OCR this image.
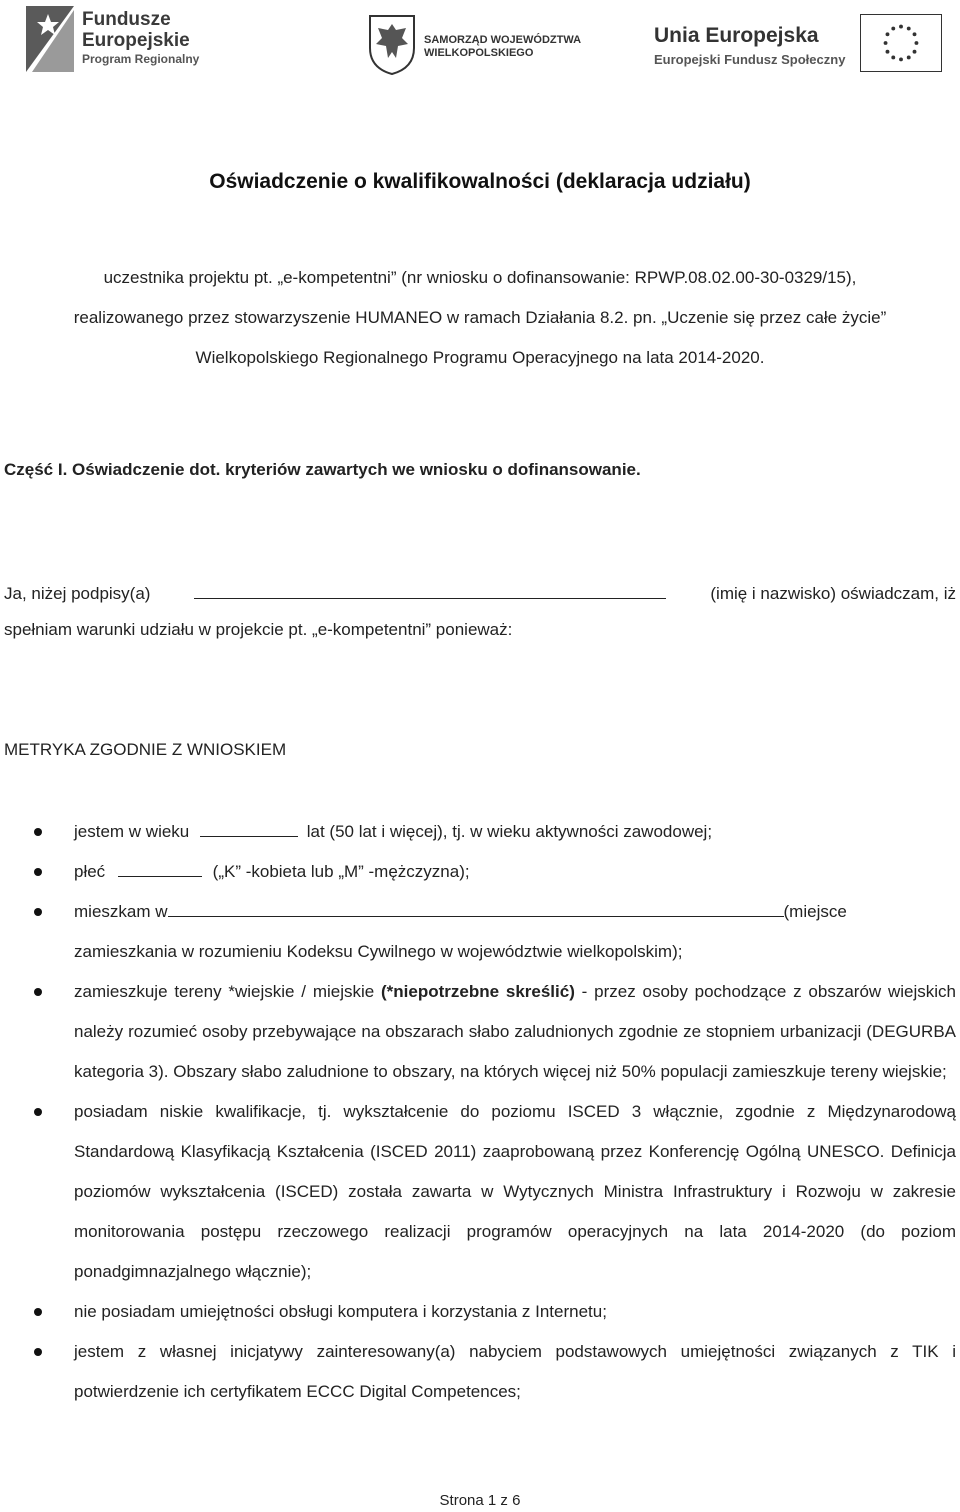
Fundusze
Europejskie
Program Regionalny
SAMORZĄD WOJEWÓDZTWA
WIELKOPOLSKIEGO
Unia Europejska
Europejski Fundusz Społeczny
Oświadczenie o kwalifikowalności (deklaracja udziału)
uczestnika projektu pt. „e-kompetentni” (nr wniosku o dofinansowanie: RPWP.08.02.00-30-0329/15),
realizowanego przez stowarzyszenie HUMANEO w ramach Działania 8.2. pn. „Uczenie się przez całe życie”
Wielkopolskiego Regionalnego Programu Operacyjnego na lata 2014-2020.
Część I. Oświadczenie dot. kryteriów zawartych we wniosku o dofinansowanie.
Ja, niżej podpisy(a)	(imię i nazwisko) oświadczam, iż
spełniam warunki udziału w projekcie pt. „e-kompetentni” ponieważ:
METRYKA ZGODNIE Z WNIOSKIEM
jestem w wieku	lat (50 lat i więcej), tj. w wieku aktywności zawodowej;
płeć	(„K” -kobieta lub „M” -mężczyzna);
mieszkam w	(miejsce
zamieszkania w rozumieniu Kodeksu Cywilnego w województwie wielkopolskim);
zamieszkuje tereny *wiejskie / miejskie (*niepotrzebne skreślić) - przez osoby pochodzące z obszarów wiejskich należy rozumieć osoby przebywające na obszarach słabo zaludnionych zgodnie ze stopniem urbanizacji (DEGURBA kategoria 3). Obszary słabo zaludnione to obszary, na których więcej niż 50% populacji zamieszkuje tereny wiejskie;
posiadam niskie kwalifikacje, tj. wykształcenie do poziomu ISCED 3 włącznie, zgodnie z Międzynarodową Standardową Klasyfikacją Kształcenia (ISCED 2011) zaaprobowaną przez Konferencję Ogólną UNESCO. Definicja poziomów wykształcenia (ISCED) została zawarta w Wytycznych Ministra Infrastruktury i Rozwoju w zakresie monitorowania postępu rzeczowego realizacji programów operacyjnych na lata 2014-2020 (do poziom ponadgimnazjalnego włącznie);
nie posiadam umiejętności obsługi komputera i korzystania z Internetu;
jestem z własnej inicjatywy zainteresowany(a) nabyciem podstawowych umiejętności związanych z TIK i potwierdzenie ich certyfikatem ECCC Digital Competences;
Strona 1 z 6
